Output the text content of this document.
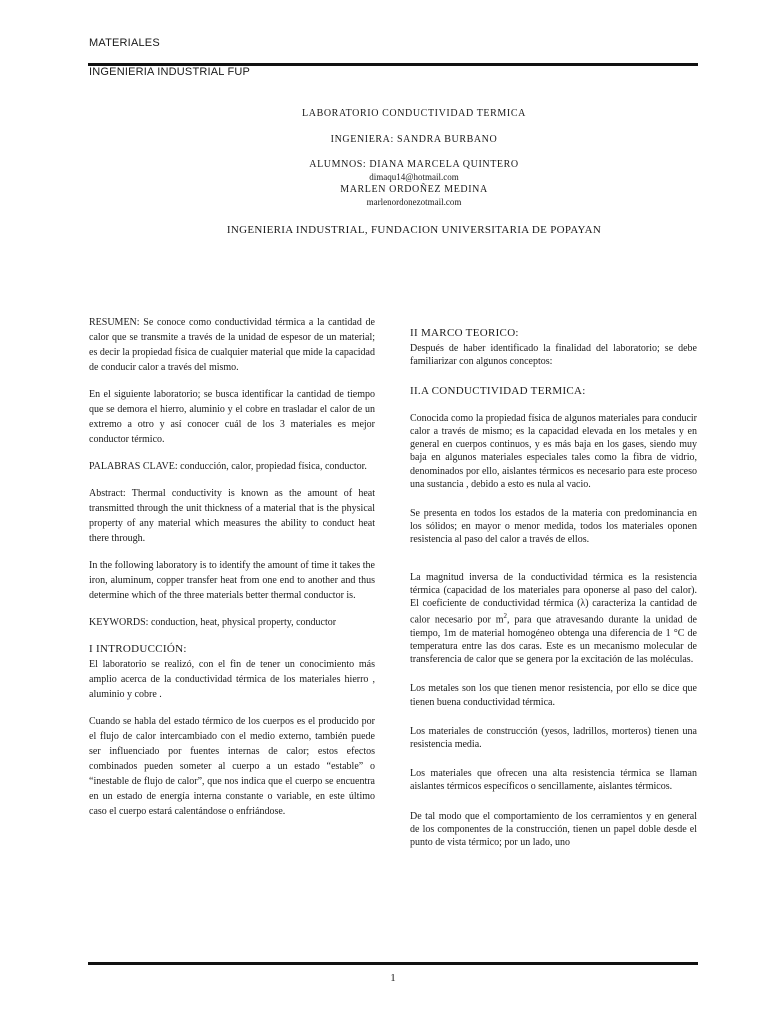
MATERIALES
INGENIERIA INDUSTRIAL FUP
LABORATORIO CONDUCTIVIDAD TERMICA
INGENIERA: SANDRA BURBANO
ALUMNOS: DIANA MARCELA QUINTERO
dimaqu14@hotmail.com
MARLEN ORDOÑEZ MEDINA
marlenordonezotmail.com
INGENIERIA INDUSTRIAL, FUNDACION UNIVERSITARIA DE POPAYAN

RESUMEN: Se conoce como conductividad térmica a la cantidad de calor que se transmite a través de la unidad de espesor de un material; es decir la propiedad física de cualquier material que mide la capacidad de conducir calor a través del mismo.

En el siguiente laboratorio; se busca identificar la cantidad de tiempo que se demora el hierro, aluminio y el cobre en trasladar el calor de un extremo a otro y así conocer cuál de los 3 materiales es mejor conductor térmico.

PALABRAS CLAVE: conducción, calor, propiedad física, conductor.

Abstract: Thermal conductivity is known as the amount of heat transmitted through the unit thickness of a material that is the physical property of any material which measures the ability to conduct heat there through.

In the following laboratory is to identify the amount of time it takes the iron, aluminum, copper transfer heat from one end to another and thus determine which of the three materials better thermal conductor is.

KEYWORDS: conduction, heat, physical property, conductor

I INTRODUCCIÓN:

El laboratorio se realizó, con el fin de tener un conocimiento más amplio acerca de la conductividad térmica de los materiales hierro , aluminio y cobre .

Cuando se habla del estado térmico de los cuerpos es el producido por el flujo de calor intercambiado con el medio externo, también puede ser influenciado por fuentes internas de calor; estos efectos combinados pueden someter al cuerpo a un estado “estable” o “inestable de flujo de calor”, que nos indica que el cuerpo se encuentra en un estado de energía interna constante o variable, en este último caso el cuerpo estará calentándose o enfriándose.

II MARCO TEORICO:

Después de haber identificado la finalidad del laboratorio; se debe familiarizar con algunos conceptos:

II.A CONDUCTIVIDAD TERMICA:

Conocida como la propiedad física de algunos materiales para conducir calor a través de mismo; es la capacidad elevada en los metales y en general en cuerpos continuos, y es más baja en los gases, siendo muy baja en algunos materiales especiales tales como la fibra de vidrio, denominados por ello, aislantes térmicos es necesario para este proceso una sustancia , debido a esto es nula al vacio.

Se presenta en todos los estados de la materia con predominancia en los sólidos; en mayor o menor medida, todos los materiales oponen resistencia al paso del calor a través de ellos.

La magnitud inversa de la conductividad térmica es la resistencia térmica (capacidad de los materiales para oponerse al paso del calor). El coeficiente de conductividad térmica (λ) caracteriza la cantidad de calor necesario por $m^2$, para que atravesando durante la unidad de tiempo, 1m de material homogéneo obtenga una diferencia de 1 °C de temperatura entre las dos caras. Este es un mecanismo molecular de transferencia de calor que se genera por la excitación de las moléculas.

Los metales son los que tienen menor resistencia, por ello se dice que tienen buena conductividad térmica.

Los materiales de construcción (yesos, ladrillos, morteros) tienen una resistencia media.

Los materiales que ofrecen una alta resistencia térmica se llaman aislantes térmicos específicos o sencillamente, aislantes térmicos.

De tal modo que el comportamiento de los cerramientos y en general de los componentes de la construcción, tienen un papel doble desde el punto de vista térmico; por un lado, uno

1
